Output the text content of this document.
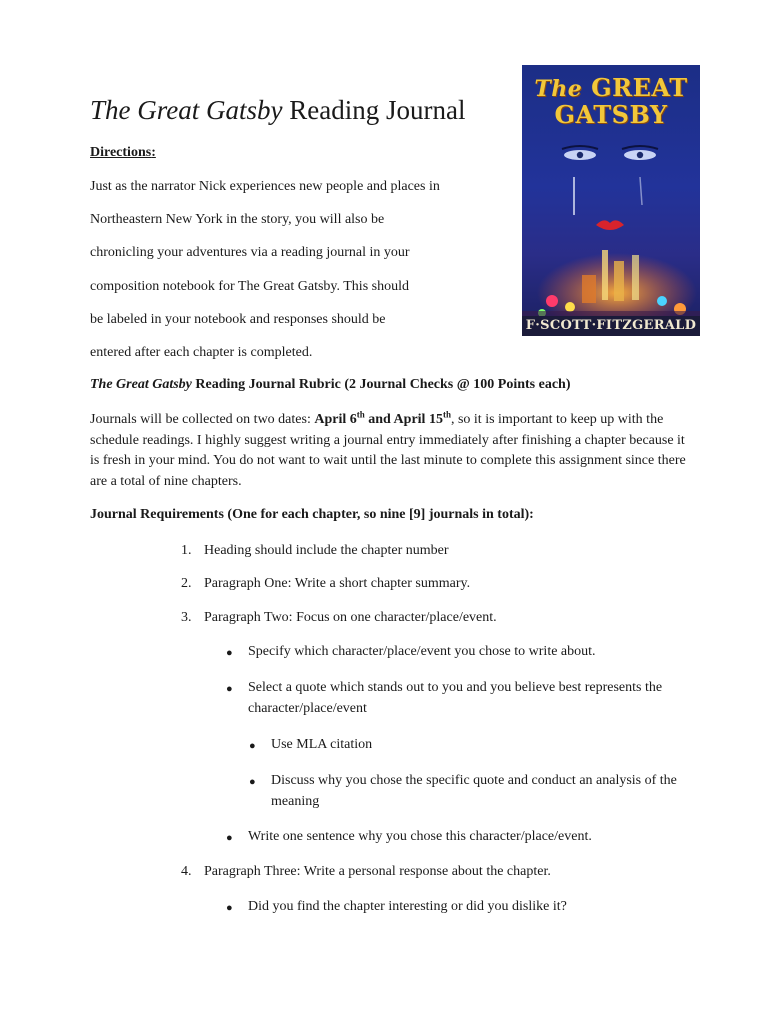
The Great Gatsby Reading Journal
Directions:
Just as the narrator Nick experiences new people and places in
Northeastern New York in the story, you will also be
chronicling your adventures via a reading journal in your
composition notebook for The Great Gatsby. This should
be labeled in your notebook and responses should be
entered after each chapter is completed.
The GREAT
GATSBY
F·SCOTT·FITZGERALD
The Great Gatsby Reading Journal Rubric (2 Journal Checks @ 100 Points each)
Journals will be collected on two dates: April 6th and April 15th, so it is important to keep up with the schedule readings. I highly suggest writing a journal entry immediately after finishing a chapter because it is fresh in your mind. You do not want to wait until the last minute to complete this assignment since there are a total of nine chapters.
Journal Requirements (One for each chapter, so nine [9] journals in total):
1. Heading should include the chapter number
2. Paragraph One: Write a short chapter summary.
3. Paragraph Two: Focus on one character/place/event.
● Specify which character/place/event you chose to write about.
● Select a quote which stands out to you and you believe best represents the character/place/event
● Use MLA citation
● Discuss why you chose the specific quote and conduct an analysis of the meaning
● Write one sentence why you chose this character/place/event.
4. Paragraph Three: Write a personal response about the chapter.
● Did you find the chapter interesting or did you dislike it?
